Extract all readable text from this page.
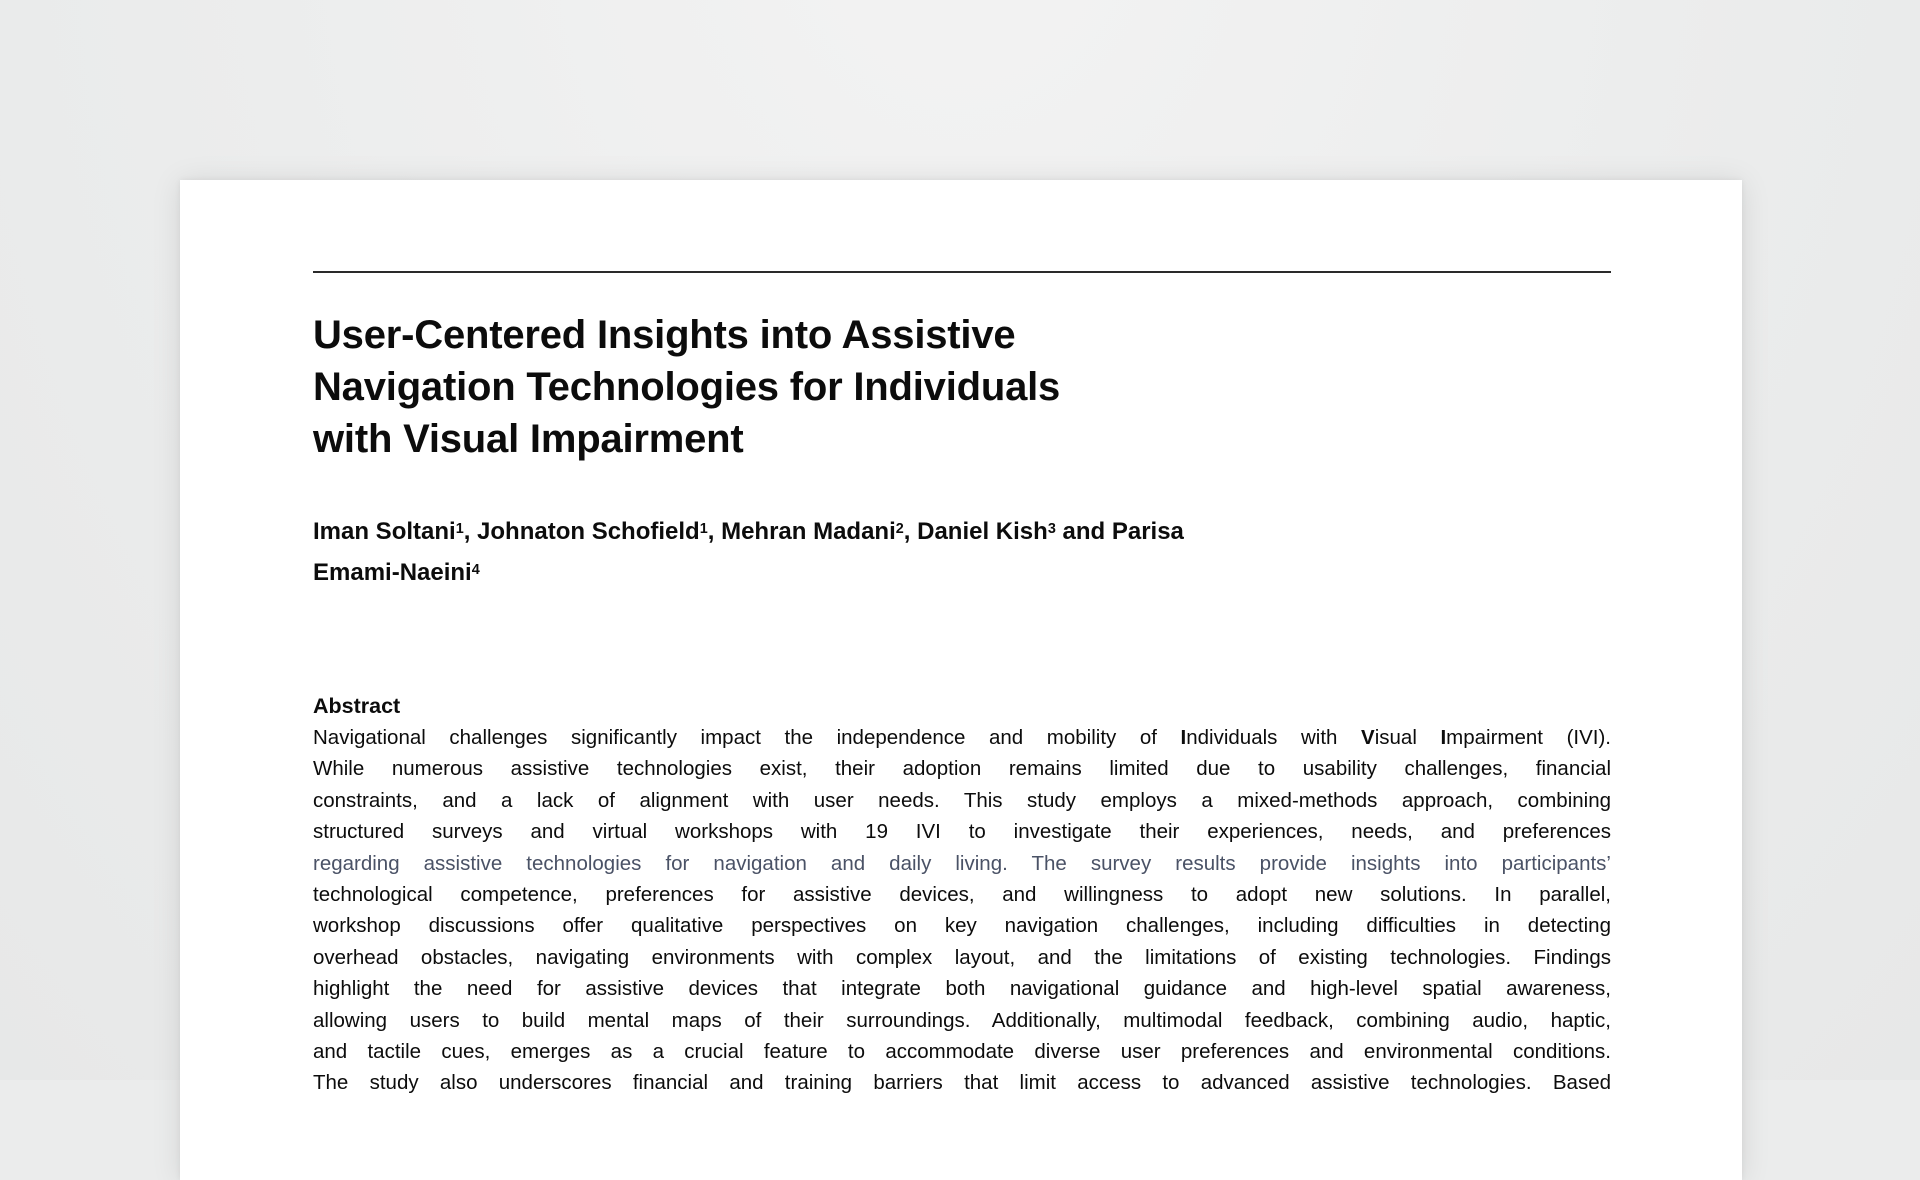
User-Centered Insights into Assistive
Navigation Technologies for Individuals
with Visual Impairment
Iman Soltani$^1$, Johnaton Schofield$^1$, Mehran Madani$^2$, Daniel Kish$^3$ and Parisa
Emami-Naeini$^4$
Abstract
Navigational challenges significantly impact the independence and mobility of Individuals with Visual Impairment (IVI).
While numerous assistive technologies exist, their adoption remains limited due to usability challenges, financial
constraints, and a lack of alignment with user needs. This study employs a mixed-methods approach, combining
structured surveys and virtual workshops with 19 IVI to investigate their experiences, needs, and preferences
regarding assistive technologies for navigation and daily living. The survey results provide insights into participants’
technological competence, preferences for assistive devices, and willingness to adopt new solutions. In parallel,
workshop discussions offer qualitative perspectives on key navigation challenges, including difficulties in detecting
overhead obstacles, navigating environments with complex layout, and the limitations of existing technologies. Findings
highlight the need for assistive devices that integrate both navigational guidance and high-level spatial awareness,
allowing users to build mental maps of their surroundings. Additionally, multimodal feedback, combining audio, haptic,
and tactile cues, emerges as a crucial feature to accommodate diverse user preferences and environmental conditions.
The study also underscores financial and training barriers that limit access to advanced assistive technologies. Based
